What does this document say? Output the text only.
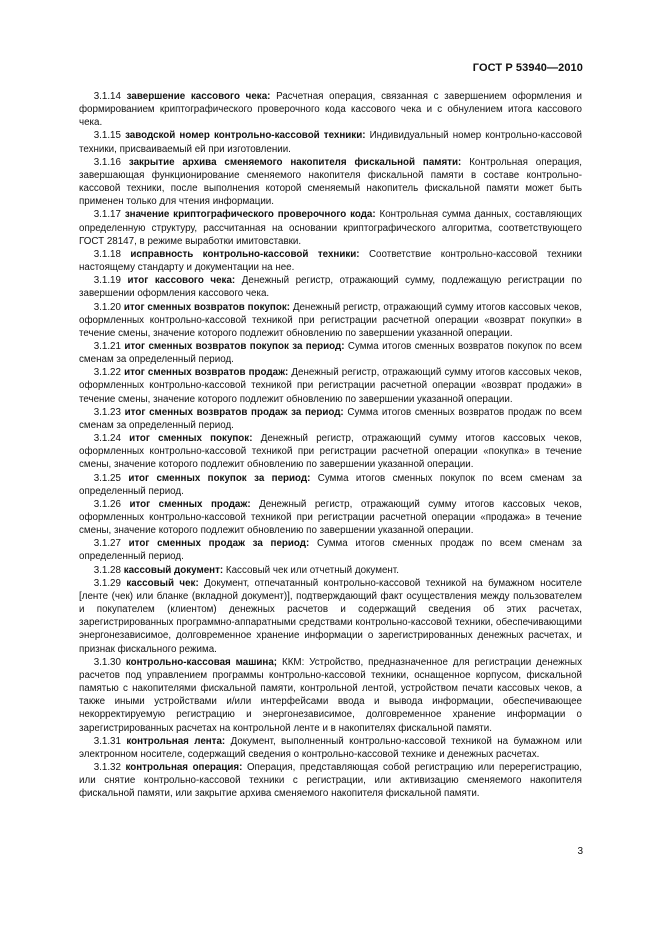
ГОСТ Р 53940—2010

  3.1.14 завершение кассового чека: Расчетная операция, связанная с завершением оформления и формированием криптографического проверочного кода кассового чека и с обнулением итога кассового чека.

  3.1.15 заводской номер контрольно-кассовой техники: Индивидуальный номер контрольно-кассовой техники, присваиваемый ей при изготовлении.

  3.1.16 закрытие архива сменяемого накопителя фискальной памяти: Контрольная операция, завершающая функционирование сменяемого накопителя фискальной памяти в составе контрольно-кассовой техники, после выполнения которой сменяемый накопитель фискальной памяти может быть применен только для чтения информации.

  3.1.17 значение криптографического проверочного кода: Контрольная сумма данных, составляющих определенную структуру, рассчитанная на основании криптографического алгоритма, соответствующего ГОСТ 28147, в режиме выработки имитовставки.

  3.1.18 исправность контрольно-кассовой техники: Соответствие контрольно-кассовой техники настоящему стандарту и документации на нее.

  3.1.19 итог кассового чека: Денежный регистр, отражающий сумму, подлежащую регистрации по завершении оформления кассового чека.

  3.1.20 итог сменных возвратов покупок: Денежный регистр, отражающий сумму итогов кассовых чеков, оформленных контрольно-кассовой техникой при регистрации расчетной операции «возврат покупки» в течение смены, значение которого подлежит обновлению по завершении указанной операции.

  3.1.21 итог сменных возвратов покупок за период: Сумма итогов сменных возвратов покупок по всем сменам за определенный период.

  3.1.22 итог сменных возвратов продаж: Денежный регистр, отражающий сумму итогов кассовых чеков, оформленных контрольно-кассовой техникой при регистрации расчетной операции «возврат продажи» в течение смены, значение которого подлежит обновлению по завершении указанной операции.

  3.1.23 итог сменных возвратов продаж за период: Сумма итогов сменных возвратов продаж по всем сменам за определенный период.

  3.1.24 итог сменных покупок: Денежный регистр, отражающий сумму итогов кассовых чеков, оформленных контрольно-кассовой техникой при регистрации расчетной операции «покупка» в течение смены, значение которого подлежит обновлению по завершении указанной операции.

  3.1.25 итог сменных покупок за период: Сумма итогов сменных покупок по всем сменам за определенный период.

  3.1.26 итог сменных продаж: Денежный регистр, отражающий сумму итогов кассовых чеков, оформленных контрольно-кассовой техникой при регистрации расчетной операции «продажа» в течение смены, значение которого подлежит обновлению по завершении указанной операции.

  3.1.27 итог сменных продаж за период: Сумма итогов сменных продаж по всем сменам за определенный период.

  3.1.28 кассовый документ: Кассовый чек или отчетный документ.

  3.1.29 кассовый чек: Документ, отпечатанный контрольно-кассовой техникой на бумажном носителе [ленте (чек) или бланке (вкладной документ)], подтверждающий факт осуществления между пользователем и покупателем (клиентом) денежных расчетов и содержащий сведения об этих расчетах, зарегистрированных программно-аппаратными средствами контрольно-кассовой техники, обеспечивающими энергонезависимое, долговременное хранение информации о зарегистрированных денежных расчетах, и признак фискального режима.

  3.1.30 контрольно-кассовая машина; ККМ: Устройство, предназначенное для регистрации денежных расчетов под управлением программы контрольно-кассовой техники, оснащенное корпусом, фискальной памятью с накопителями фискальной памяти, контрольной лентой, устройством печати кассовых чеков, а также иными устройствами и/или интерфейсами ввода и вывода информации, обеспечивающее некорректируемую регистрацию и энергонезависимое, долговременное хранение информации о зарегистрированных расчетах на контрольной ленте и в накопителях фискальной памяти.

  3.1.31 контрольная лента: Документ, выполненный контрольно-кассовой техникой на бумажном или электронном носителе, содержащий сведения о контрольно-кассовой технике и денежных расчетах.

  3.1.32 контрольная операция: Операция, представляющая собой регистрацию или перерегистрацию, или снятие контрольно-кассовой техники с регистрации, или активизацию сменяемого накопителя фискальной памяти, или закрытие архива сменяемого накопителя фискальной памяти.

3
